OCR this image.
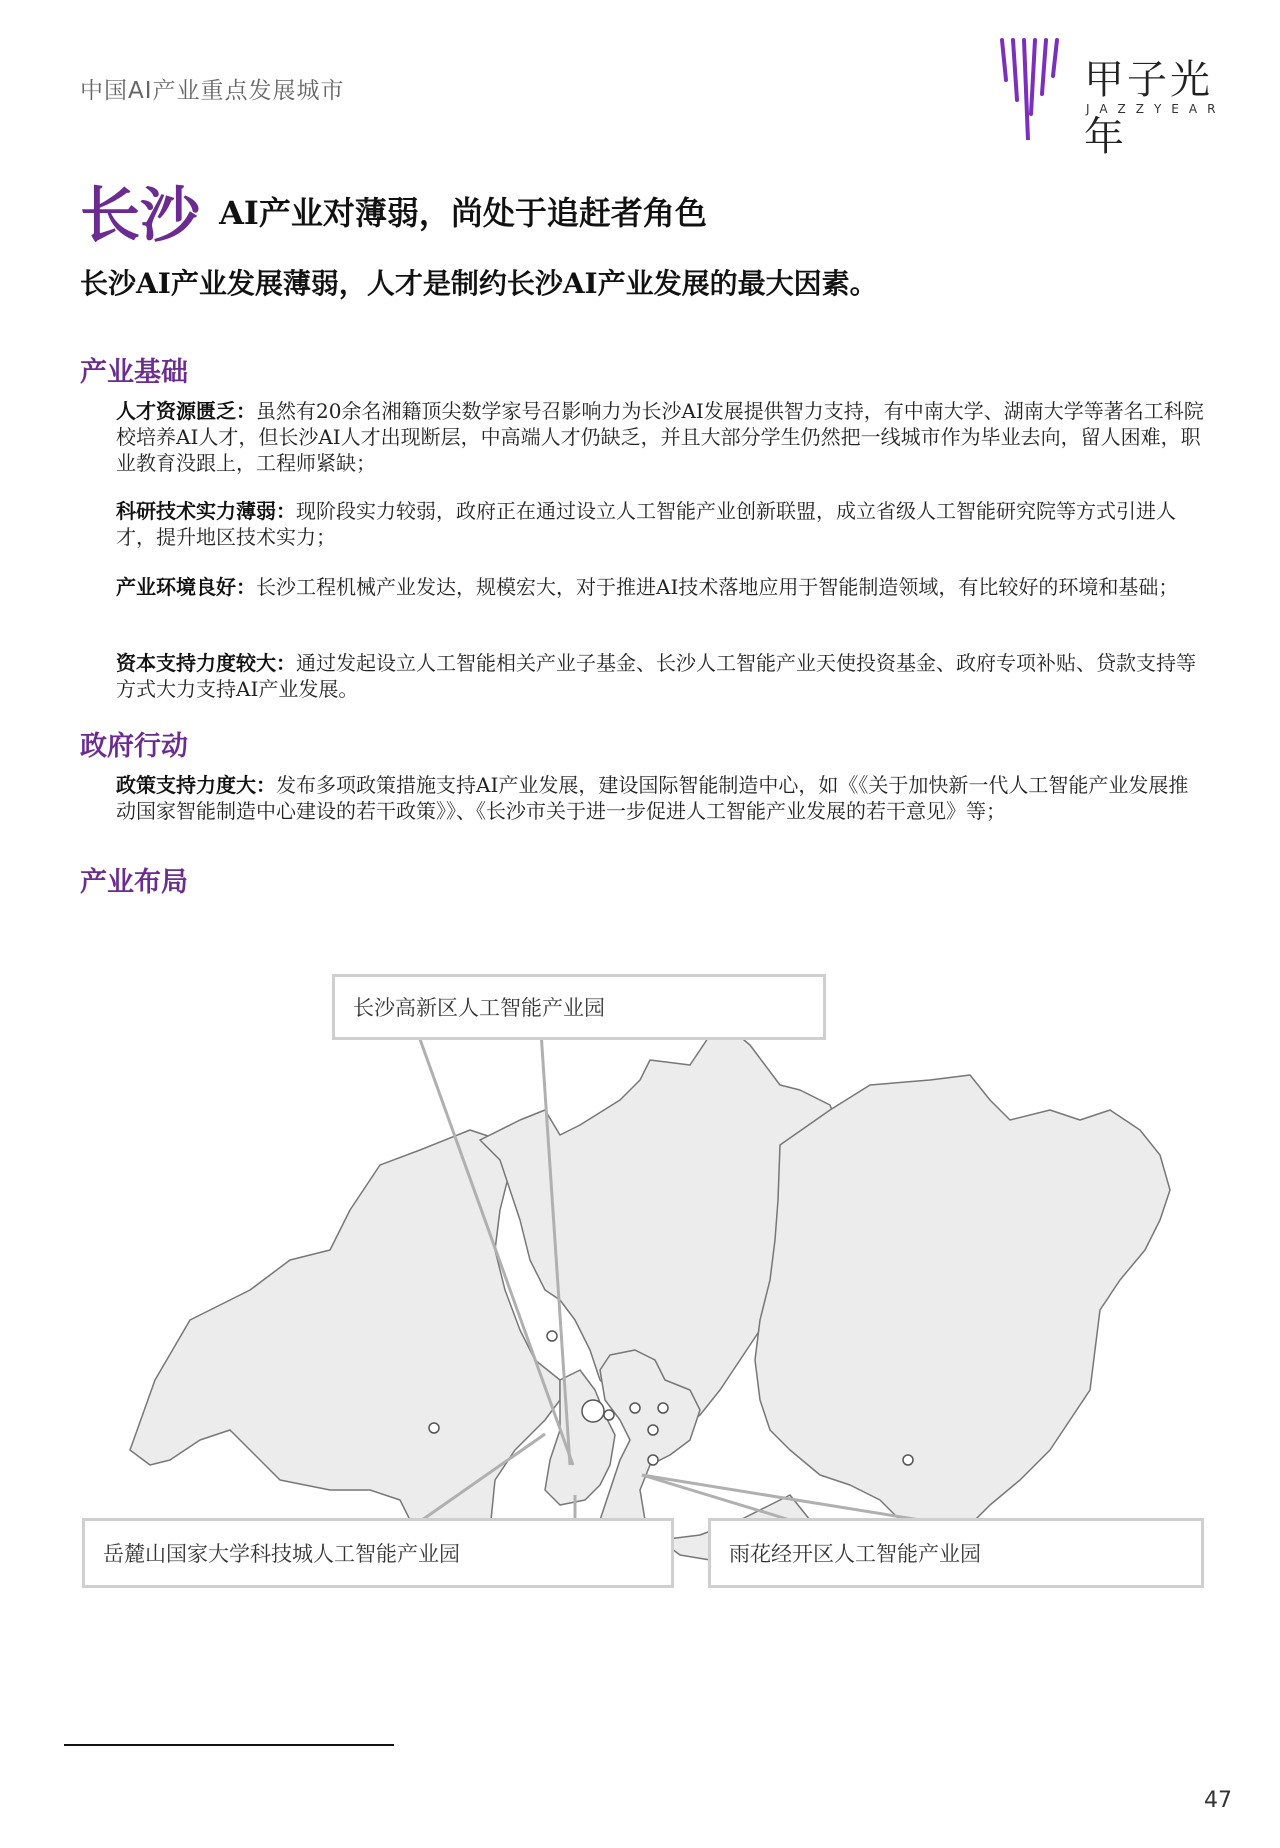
中国AI产业重点发展城市	甲子光年
JAZZYEAR
长沙 AI产业对薄弱，尚处于追赶者角色
长沙AI产业发展薄弱，人才是制约长沙AI产业发展的最大因素。
产业基础
人才资源匮乏：虽然有20余名湘籍顶尖数学家号召影响力为长沙AI发展提供智力支持，有中南大学、湖南大学等著名工科院校培养AI人才，但长沙AI人才出现断层，中高端人才仍缺乏，并且大部分学生仍然把一线城市作为毕业去向，留人困难，职业教育没跟上，工程师紧缺；
科研技术实力薄弱：现阶段实力较弱，政府正在通过设立人工智能产业创新联盟，成立省级人工智能研究院等方式引进人才，提升地区技术实力；
产业环境良好：长沙工程机械产业发达，规模宏大，对于推进AI技术落地应用于智能制造领域，有比较好的环境和基础；
资本支持力度较大：通过发起设立人工智能相关产业子基金、长沙人工智能产业天使投资基金、政府专项补贴、贷款支持等方式大力支持AI产业发展。
政府行动
政策支持力度大：发布多项政策措施支持AI产业发展，建设国际智能制造中心，如《《关于加快新一代人工智能产业发展推动国家智能制造中心建设的若干政策》》、《长沙市关于进一步促进人工智能产业发展的若干意见》等；
产业布局
长沙高新区人工智能产业园
岳麓山国家大学科技城人工智能产业园	雨花经开区人工智能产业园
47
